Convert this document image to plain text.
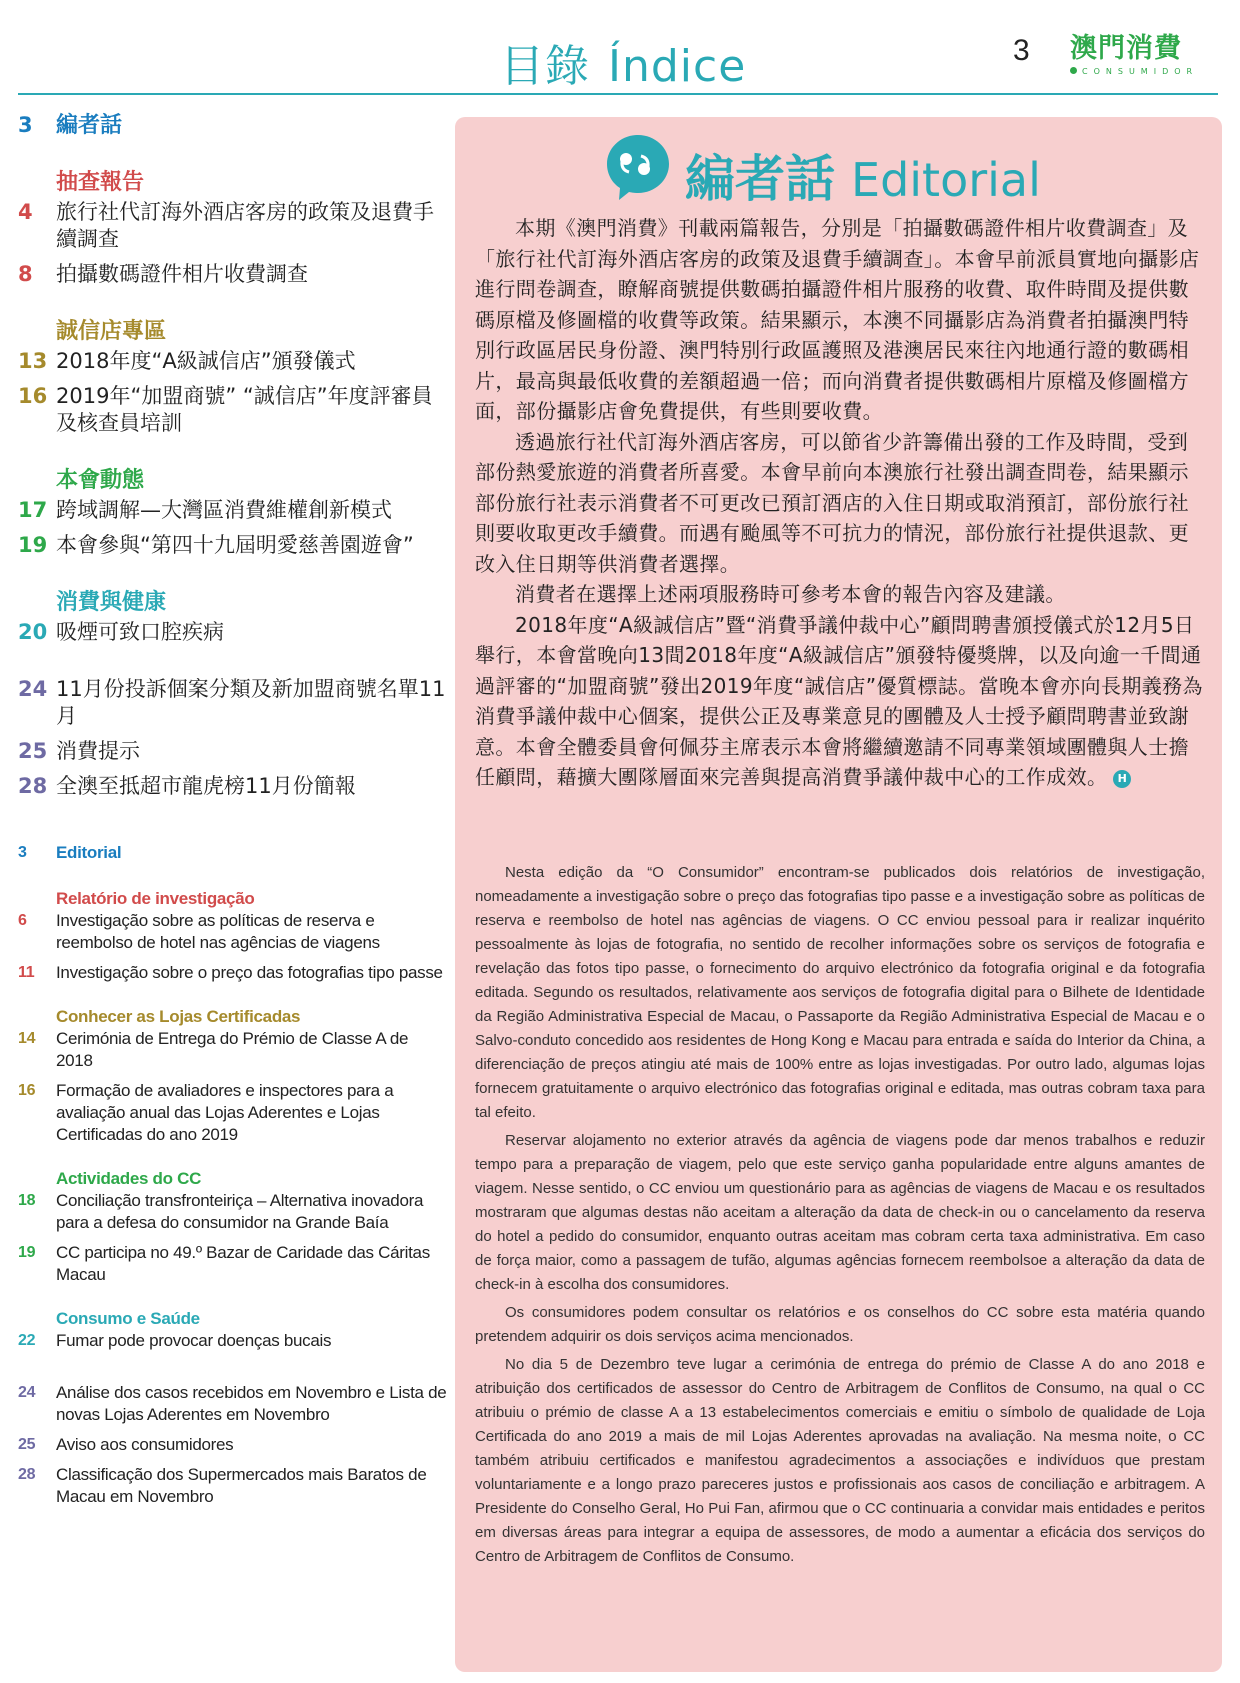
目錄 Índice	3 澳門消費
CONSUMIDOR
3 編者話
抽查報告
4 旅行社代訂海外酒店客房的政策及退費手續調查
8 拍攝數碼證件相片收費調查
誠信店專區
13 2018年度“A級誠信店”頒發儀式
16 2019年“加盟商號” “誠信店”年度評審員及核查員培訓
本會動態
17 跨域調解—大灣區消費維權創新模式
19 本會參與“第四十九屆明愛慈善園遊會”
消費與健康
20 吸煙可致口腔疾病
24 11月份投訴個案分類及新加盟商號名單11月
25 消費提示
28 全澳至抵超市龍虎榜11月份簡報
3 Editorial
Relatório de investigação
6 Investigação sobre as políticas de reserva e reembolso de hotel nas agências de viagens
11 Investigação sobre o preço das fotografias tipo passe
Conhecer as Lojas Certificadas
14 Cerimónia de Entrega do Prémio de Classe A de 2018
16 Formação de avaliadores e inspectores para a avaliação anual das Lojas Aderentes e Lojas Certificadas do ano 2019
Actividades do CC
18 Conciliação transfronteiriça – Alternativa inovadora para a defesa do consumidor na Grande Baía
19 CC participa no 49.º Bazar de Caridade das Cáritas Macau
Consumo e Saúde
22 Fumar pode provocar doenças bucais
24 Análise dos casos recebidos em Novembro e Lista de novas Lojas Aderentes em Novembro
25 Aviso aos consumidores
28 Classificação dos Supermercados mais Baratos de Macau em Novembro
編者話 Editorial

本期《澳門消費》刊載兩篇報告，分別是「拍攝數碼證件相片收費調查」及「旅行社代訂海外酒店客房的政策及退費手續調查」。本會早前派員實地向攝影店進行問卷調查，瞭解商號提供數碼拍攝證件相片服務的收費、取件時間及提供數碼原檔及修圖檔的收費等政策。結果顯示，本澳不同攝影店為消費者拍攝澳門特別行政區居民身份證、澳門特別行政區護照及港澳居民來往內地通行證的數碼相片，最高與最低收費的差額超過一倍；而向消費者提供數碼相片原檔及修圖檔方面，部份攝影店會免費提供，有些則要收費。

透過旅行社代訂海外酒店客房，可以節省少許籌備出發的工作及時間，受到部份熱愛旅遊的消費者所喜愛。本會早前向本澳旅行社發出調查問卷，結果顯示部份旅行社表示消費者不可更改已預訂酒店的入住日期或取消預訂，部份旅行社則要收取更改手續費。而遇有颱風等不可抗力的情況，部份旅行社提供退款、更改入住日期等供消費者選擇。

消費者在選擇上述兩項服務時可參考本會的報告內容及建議。

2018年度“A級誠信店”暨“消費爭議仲裁中心”顧問聘書頒授儀式於12月5日舉行，本會當晚向13間2018年度“A級誠信店”頒發特優獎牌，以及向逾一千間通過評審的“加盟商號”發出2019年度“誠信店”優質標誌。當晚本會亦向長期義務為消費爭議仲裁中心個案，提供公正及專業意見的團體及人士授予顧問聘書並致謝意。本會全體委員會何佩芬主席表示本會將繼續邀請不同專業領域團體與人士擔任顧問，藉擴大團隊層面來完善與提高消費爭議仲裁中心的工作成效。 H

Nesta edição da “O Consumidor” encontram-se publicados dois relatórios de investigação, nomeadamente a investigação sobre o preço das fotografias tipo passe e a investigação sobre as políticas de reserva e reembolso de hotel nas agências de viagens. O CC enviou pessoal para ir realizar inquérito pessoalmente às lojas de fotografia, no sentido de recolher informações sobre os serviços de fotografia e revelação das fotos tipo passe, o fornecimento do arquivo electrónico da fotografia original e da fotografia editada. Segundo os resultados, relativamente aos serviços de fotografia digital para o Bilhete de Identidade da Região Administrativa Especial de Macau, o Passaporte da Região Administrativa Especial de Macau e o Salvo-conduto concedido aos residentes de Hong Kong e Macau para entrada e saída do Interior da China, a diferenciação de preços atingiu até mais de 100% entre as lojas investigadas. Por outro lado, algumas lojas fornecem gratuitamente o arquivo electrónico das fotografias original e editada, mas outras cobram taxa para tal efeito.

Reservar alojamento no exterior através da agência de viagens pode dar menos trabalhos e reduzir tempo para a preparação de viagem, pelo que este serviço ganha popularidade entre alguns amantes de viagem. Nesse sentido, o CC enviou um questionário para as agências de viagens de Macau e os resultados mostraram que algumas destas não aceitam a alteração da data de check-in ou o cancelamento da reserva do hotel a pedido do consumidor, enquanto outras aceitam mas cobram certa taxa administrativa. Em caso de força maior, como a passagem de tufão, algumas agências fornecem reembolsoe a alteração da data de check-in à escolha dos consumidores.

Os consumidores podem consultar os relatórios e os conselhos do CC sobre esta matéria quando pretendem adquirir os dois serviços acima mencionados.

No dia 5 de Dezembro teve lugar a cerimónia de entrega do prémio de Classe A do ano 2018 e atribuição dos certificados de assessor do Centro de Arbitragem de Conflitos de Consumo, na qual o CC atribuiu o prémio de classe A a 13 estabelecimentos comerciais e emitiu o símbolo de qualidade de Loja Certificada do ano 2019 a mais de mil Lojas Aderentes aprovadas na avaliação. Na mesma noite, o CC também atribuiu certificados e manifestou agradecimentos a associações e indivíduos que prestam voluntariamente e a longo prazo pareceres justos e profissionais aos casos de conciliação e arbitragem. A Presidente do Conselho Geral, Ho Pui Fan, afirmou que o CC continuaria a convidar mais entidades e peritos em diversas áreas para integrar a equipa de assessores, de modo a aumentar a eficácia dos serviços do Centro de Arbitragem de Conflitos de Consumo.
